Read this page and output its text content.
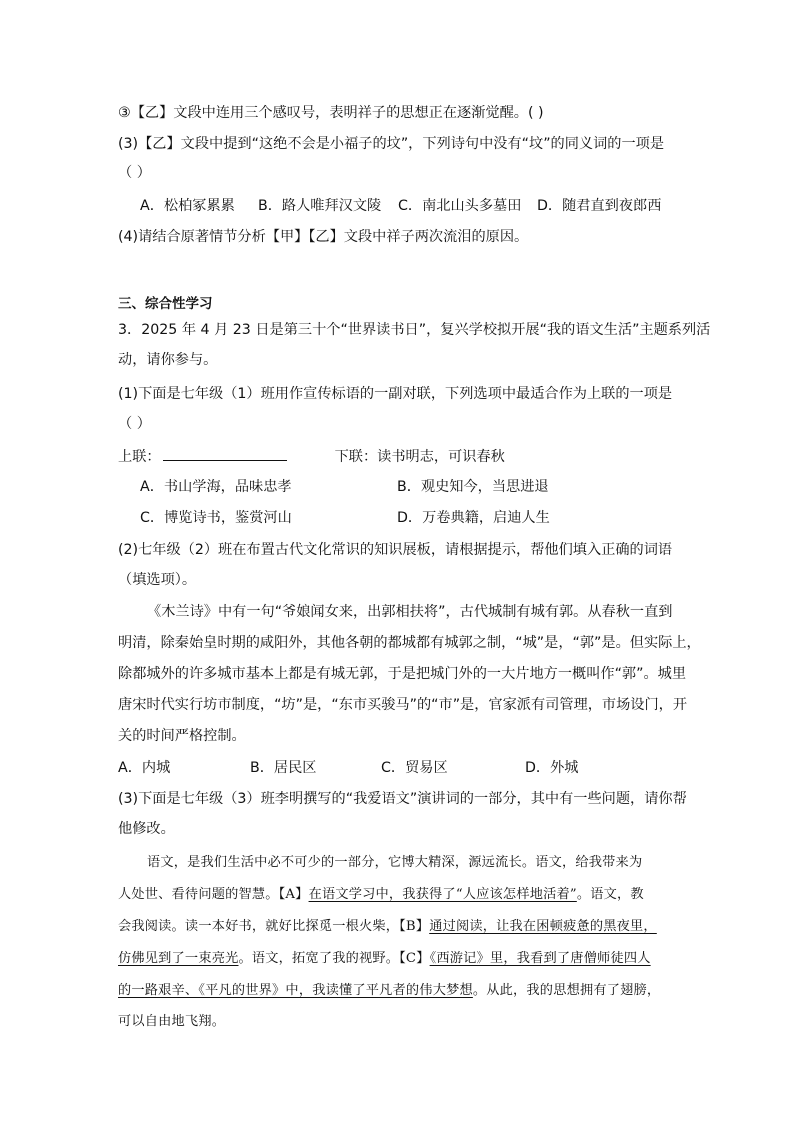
③【乙】文段中连用三个感叹号，表明祥子的思想正在逐渐觉醒。( )
(3)【乙】文段中提到“这绝不会是小福子的坟”，下列诗句中没有“坟”的同义词的一项是
（ ）
A．松柏冢累累 B．路人唯拜汉文陵 C．南北山头多墓田 D．随君直到夜郎西
(4)请结合原著情节分析【甲】【乙】文段中祥子两次流泪的原因。
三、综合性学习
3．2025 年 4 月 23 日是第三十个“世界读书日”，复兴学校拟开展“我的语文生活”主题系列活
动，请你参与。
(1)下面是七年级（1）班用作宣传标语的一副对联，下列选项中最适合作为上联的一项是
（ ）
上联：	下联：读书明志，可识春秋
A．书山学海，品味忠孝	B．观史知今，当思进退
C．博览诗书，鉴赏河山	D．万卷典籍，启迪人生
(2)七年级（2）班在布置古代文化常识的知识展板，请根据提示，帮他们填入正确的词语
（填选项）。
《木兰诗》中有一句“爷娘闻女来，出郭相扶将”，古代城制有城有郭。从春秋一直到
明清，除秦始皇时期的咸阳外，其他各朝的都城都有城郭之制，“城”是，“郭”是。但实际上，
除都城外的许多城市基本上都是有城无郭，于是把城门外的一大片地方一概叫作“郭”。城里
唐宋时代实行坊市制度，“坊”是，“东市买骏马”的“市”是，官家派有司管理，市场设门，开
关的时间严格控制。
A．内城	B．居民区	C．贸易区	D．外城
(3)下面是七年级（3）班李明撰写的“我爱语文”演讲词的一部分，其中有一些问题，请你帮
他修改。
语文，是我们生活中必不可少的一部分，它博大精深，源远流长。语文，给我带来为
人处世、看待问题的智慧。【A】在语文学习中，我获得了“人应该怎样地活着”。语文，教
会我阅读。读一本好书，就好比探觅一根火柴，【B】通过阅读，让我在困顿疲惫的黑夜里，
仿佛见到了一束亮光。语文，拓宽了我的视野。【C】《西游记》里，我看到了唐僧师徒四人
的一路艰辛、《平凡的世界》中，我读懂了平凡者的伟大梦想。从此，我的思想拥有了翅膀，
可以自由地飞翔。
